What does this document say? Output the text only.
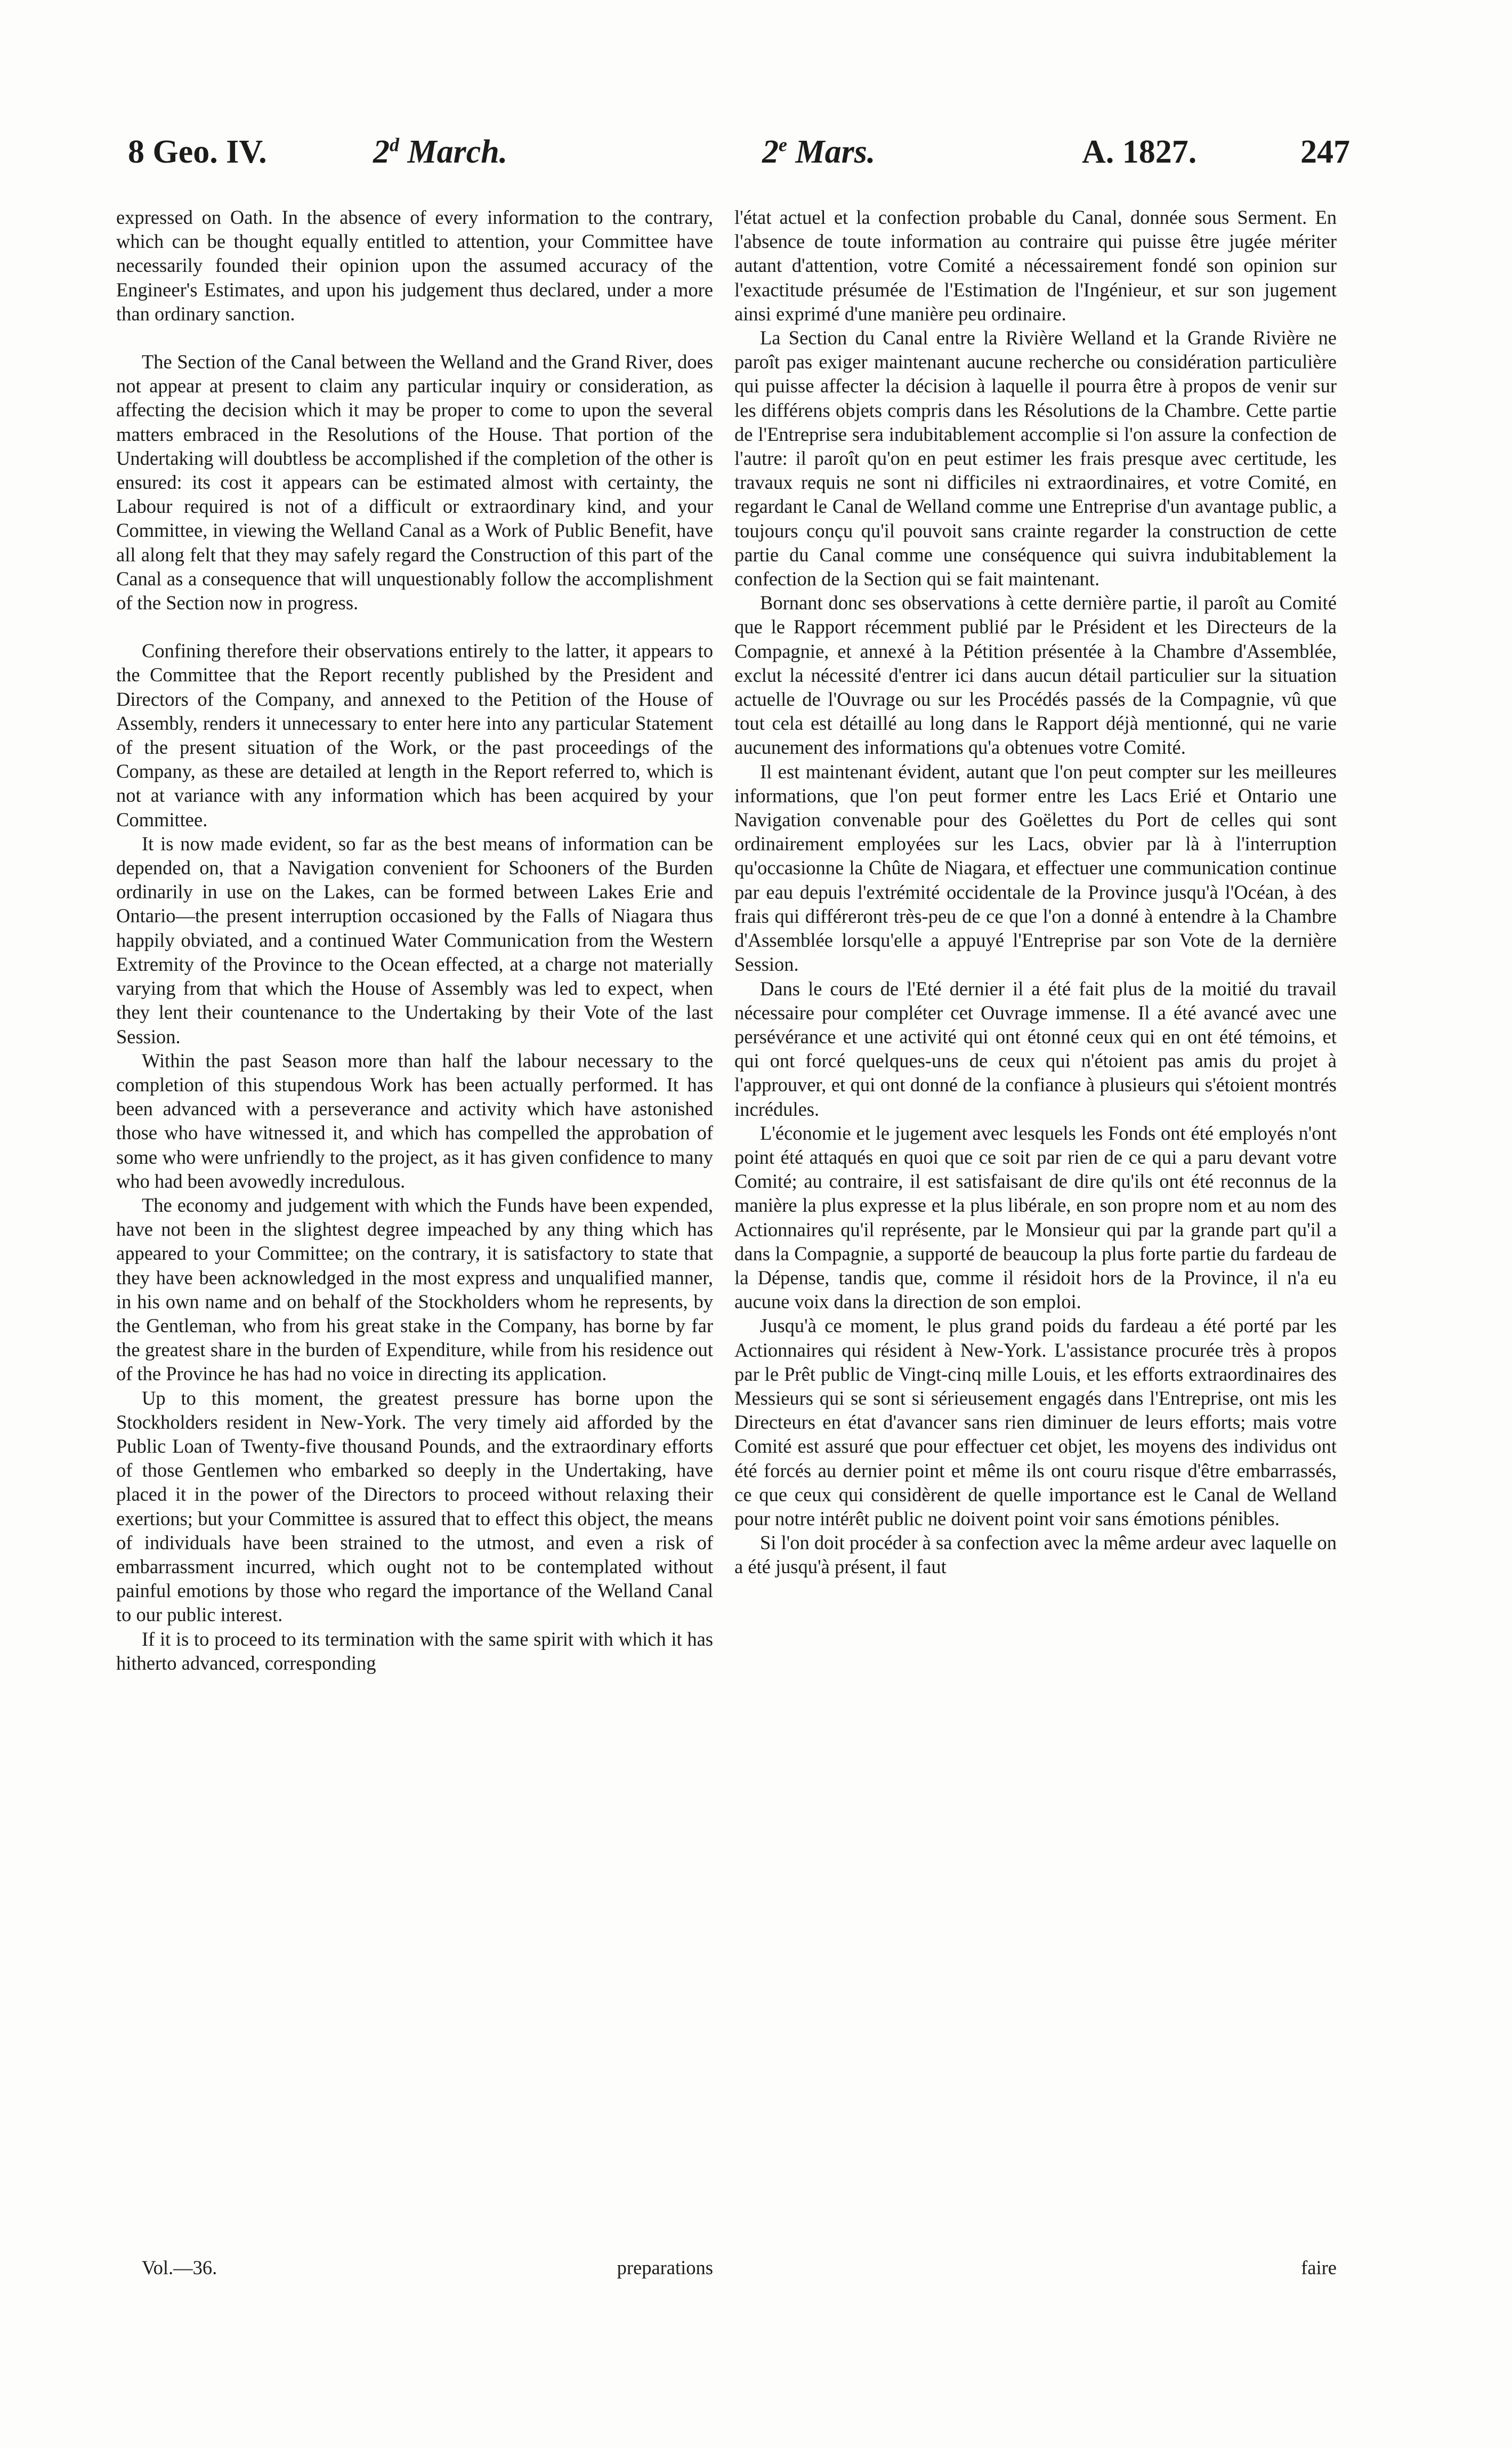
8 Geo. IV.	2$^d$ March.	2e Mars.	A. 1827.	247

expressed on Oath. In the absence of every information to the contrary, which can be thought equally entitled to attention, your Committee have necessarily founded their opinion upon the assumed accuracy of the Engineer's Estimates, and upon his judgement thus declared, under a more than ordinary sanction.

The Section of the Canal between the Welland and the Grand River, does not appear at present to claim any particular inquiry or consideration, as affecting the decision which it may be proper to come to upon the several matters embraced in the Resolutions of the House. That portion of the Undertaking will doubtless be accomplished if the completion of the other is ensured: its cost it appears can be estimated almost with certainty, the Labour required is not of a difficult or extraordinary kind, and your Committee, in viewing the Welland Canal as a Work of Public Benefit, have all along felt that they may safely regard the Construction of this part of the Canal as a consequence that will unquestionably follow the accomplishment of the Section now in progress.

Confining therefore their observations entirely to the latter, it appears to the Committee that the Report recently published by the President and Directors of the Company, and annexed to the Petition of the House of Assembly, renders it unnecessary to enter here into any particular Statement of the present situation of the Work, or the past proceedings of the Company, as these are detailed at length in the Report referred to, which is not at variance with any information which has been acquired by your Committee.

It is now made evident, so far as the best means of information can be depended on, that a Navigation convenient for Schooners of the Burden ordinarily in use on the Lakes, can be formed between Lakes Erie and Ontario—the present interruption occasioned by the Falls of Niagara thus happily obviated, and a continued Water Communication from the Western Extremity of the Province to the Ocean effected, at a charge not materially varying from that which the House of Assembly was led to expect, when they lent their countenance to the Undertaking by their Vote of the last Session.

Within the past Season more than half the labour necessary to the completion of this stupendous Work has been actually performed. It has been advanced with a perseverance and activity which have astonished those who have witnessed it, and which has compelled the approbation of some who were unfriendly to the project, as it has given confidence to many who had been avowedly incredulous.

The economy and judgement with which the Funds have been expended, have not been in the slightest degree impeached by any thing which has appeared to your Committee; on the contrary, it is satisfactory to state that they have been acknowledged in the most express and unqualified manner, in his own name and on behalf of the Stockholders whom he represents, by the Gentleman, who from his great stake in the Company, has borne by far the greatest share in the burden of Expenditure, while from his residence out of the Province he has had no voice in directing its application.

Up to this moment, the greatest pressure has borne upon the Stockholders resident in New-York. The very timely aid afforded by the Public Loan of Twenty-five thousand Pounds, and the extraordinary efforts of those Gentlemen who embarked so deeply in the Undertaking, have placed it in the power of the Directors to proceed without relaxing their exertions; but your Committee is assured that to effect this object, the means of individuals have been strained to the utmost, and even a risk of embarrassment incurred, which ought not to be contemplated without painful emotions by those who regard the importance of the Welland Canal to our public interest.

If it is to proceed to its termination with the same spirit with which it has hitherto advanced, corresponding

l'état actuel et la confection probable du Canal, donnée sous Serment. En l'absence de toute information au contraire qui puisse être jugée mériter autant d'attention, votre Comité a nécessairement fondé son opinion sur l'exactitude présumée de l'Estimation de l'Ingénieur, et sur son jugement ainsi exprimé d'une manière peu ordinaire.

La Section du Canal entre la Rivière Welland et la Grande Rivière ne paroît pas exiger maintenant aucune recherche ou considération particulière qui puisse affecter la décision à laquelle il pourra être à propos de venir sur les différens objets compris dans les Résolutions de la Chambre. Cette partie de l'Entreprise sera indubitablement accomplie si l'on assure la confection de l'autre: il paroît qu'on en peut estimer les frais presque avec certitude, les travaux requis ne sont ni difficiles ni extraordinaires, et votre Comité, en regardant le Canal de Welland comme une Entreprise d'un avantage public, a toujours conçu qu'il pouvoit sans crainte regarder la construction de cette partie du Canal comme une conséquence qui suivra indubitablement la confection de la Section qui se fait maintenant.

Bornant donc ses observations à cette dernière partie, il paroît au Comité que le Rapport récemment publié par le Président et les Directeurs de la Compagnie, et annexé à la Pétition présentée à la Chambre d'Assemblée, exclut la nécessité d'entrer ici dans aucun détail particulier sur la situation actuelle de l'Ouvrage ou sur les Procédés passés de la Compagnie, vû que tout cela est détaillé au long dans le Rapport déjà mentionné, qui ne varie aucunement des informations qu'a obtenues votre Comité.

Il est maintenant évident, autant que l'on peut compter sur les meilleures informations, que l'on peut former entre les Lacs Erié et Ontario une Navigation convenable pour des Goëlettes du Port de celles qui sont ordinairement employées sur les Lacs, obvier par là à l'interruption qu'occasionne la Chûte de Niagara, et effectuer une communication continue par eau depuis l'extrémité occidentale de la Province jusqu'à l'Océan, à des frais qui différeront très-peu de ce que l'on a donné à entendre à la Chambre d'Assemblée lorsqu'elle a appuyé l'Entreprise par son Vote de la dernière Session.

Dans le cours de l'Eté dernier il a été fait plus de la moitié du travail nécessaire pour compléter cet Ouvrage immense. Il a été avancé avec une persévérance et une activité qui ont étonné ceux qui en ont été témoins, et qui ont forcé quelques-uns de ceux qui n'étoient pas amis du projet à l'approuver, et qui ont donné de la confiance à plusieurs qui s'étoient montrés incrédules.

L'économie et le jugement avec lesquels les Fonds ont été employés n'ont point été attaqués en quoi que ce soit par rien de ce qui a paru devant votre Comité; au contraire, il est satisfaisant de dire qu'ils ont été reconnus de la manière la plus expresse et la plus libérale, en son propre nom et au nom des Actionnaires qu'il représente, par le Monsieur qui par la grande part qu'il a dans la Compagnie, a supporté de beaucoup la plus forte partie du fardeau de la Dépense, tandis que, comme il résidoit hors de la Province, il n'a eu aucune voix dans la direction de son emploi.

Jusqu'à ce moment, le plus grand poids du fardeau a été porté par les Actionnaires qui résident à New-York. L'assistance procurée très à propos par le Prêt public de Vingt-cinq mille Louis, et les efforts extraordinaires des Messieurs qui se sont si sérieusement engagés dans l'Entreprise, ont mis les Directeurs en état d'avancer sans rien diminuer de leurs efforts; mais votre Comité est assuré que pour effectuer cet objet, les moyens des individus ont été forcés au dernier point et même ils ont couru risque d'être embarrassés, ce que ceux qui considèrent de quelle importance est le Canal de Welland pour notre intérêt public ne doivent point voir sans émotions pénibles.

Si l'on doit procéder à sa confection avec la même ardeur avec laquelle on a été jusqu'à présent, il faut

Vol.—36.	preparations	faire
